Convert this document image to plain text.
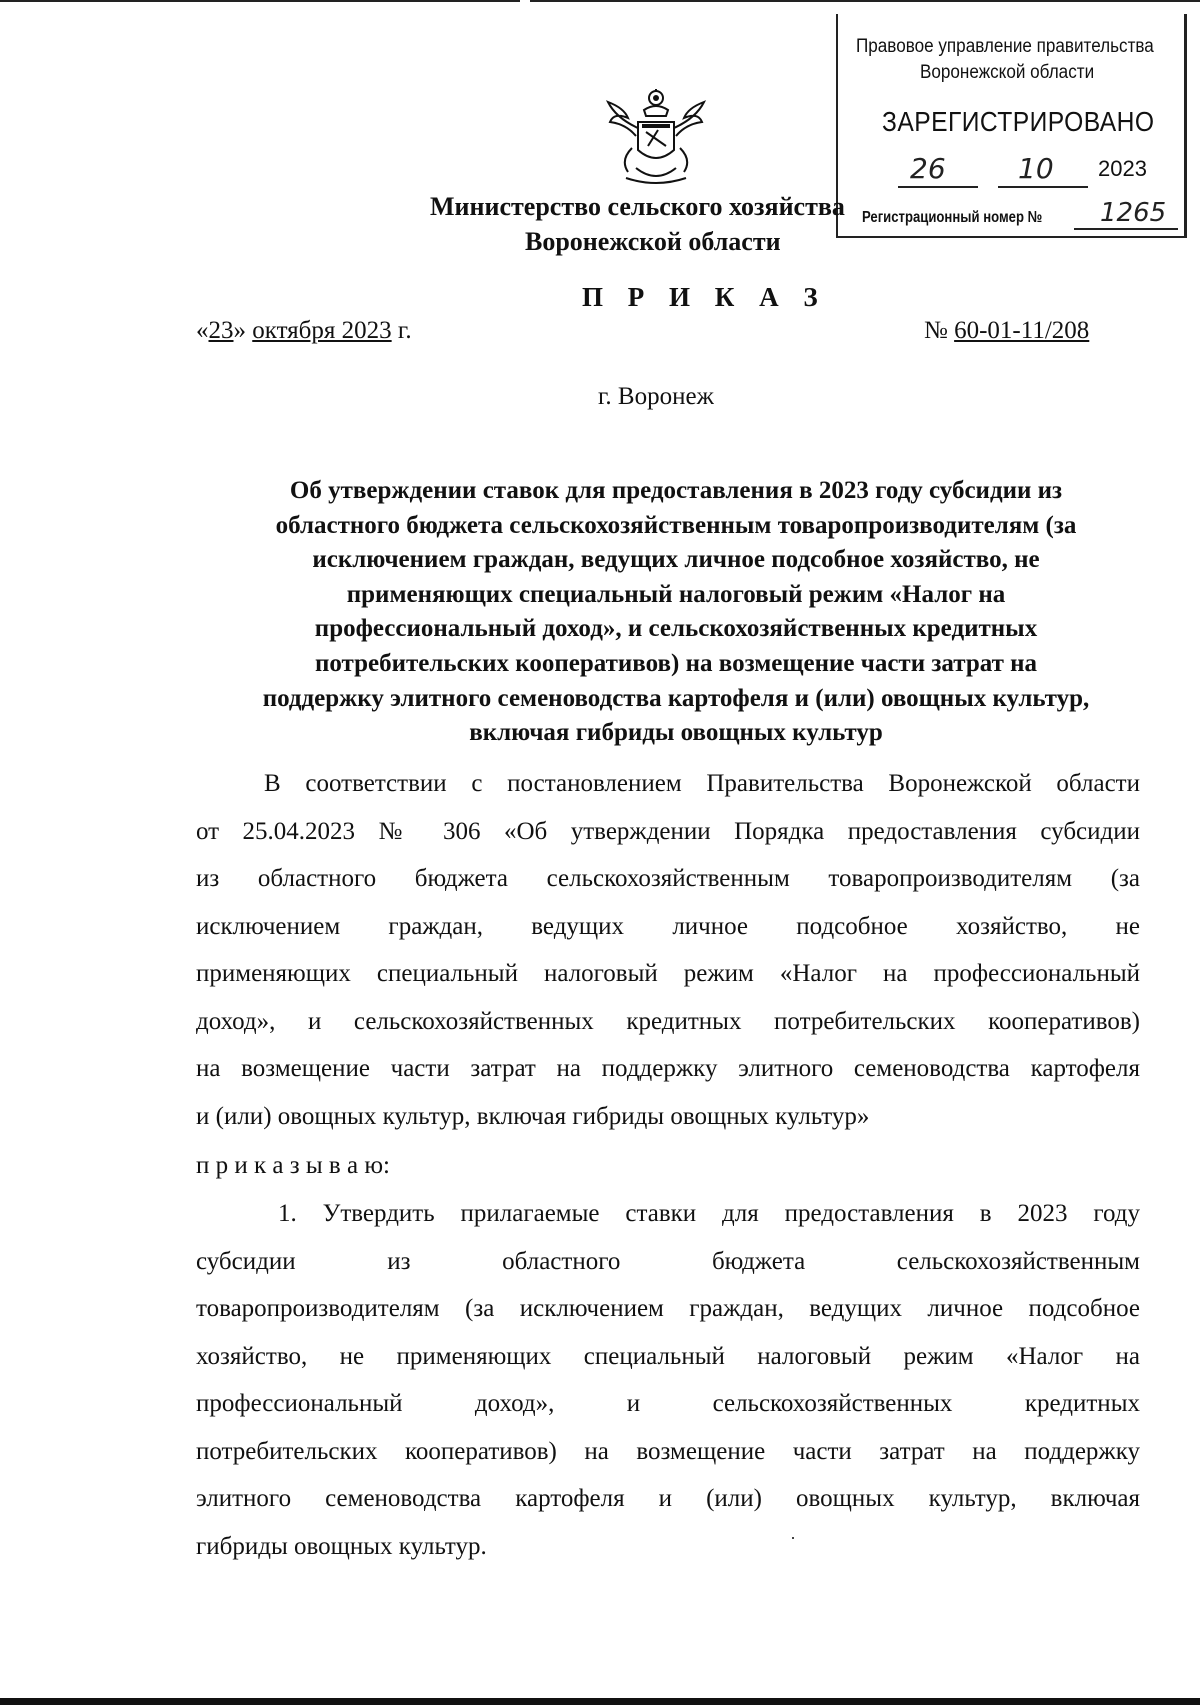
Правовое управление правительства
Воронежской области
ЗАРЕГИСТРИРОВАНО
26	10 2023
Регистрационный номер № 1265
Министерство сельского хозяйства
Воронежской области
П Р И К А З
«23» октября 2023 г.	№ 60-01-11/208
г. Воронеж
Об утверждении ставок для предоставления в 2023 году субсидии из
областного бюджета сельскохозяйственным товаропроизводителям (за
исключением граждан, ведущих личное подсобное хозяйство, не
применяющих специальный налоговый режим «Налог на
профессиональный доход», и сельскохозяйственных кредитных
потребительских кооперативов) на возмещение части затрат на
поддержку элитного семеноводства картофеля и (или) овощных культур,
включая гибриды овощных культур
В соответствии с постановлением Правительства Воронежской области
от 25.04.2023 № 306 «Об утверждении Порядка предоставления субсидии
из областного бюджета сельскохозяйственным товаропроизводителям (за
исключением граждан, ведущих личное подсобное хозяйство, не
применяющих специальный налоговый режим «Налог на профессиональный
доход», и сельскохозяйственных кредитных потребительских кооперативов)
на возмещение части затрат на поддержку элитного семеноводства картофеля
и (или) овощных культур, включая гибриды овощных культур»
п р и к а з ы в а ю:
1. Утвердить прилагаемые ставки для предоставления в 2023 году
субсидии из областного бюджета сельскохозяйственным
товаропроизводителям (за исключением граждан, ведущих личное подсобное
хозяйство, не применяющих специальный налоговый режим «Налог на
профессиональный доход», и сельскохозяйственных кредитных
потребительских кооперативов) на возмещение части затрат на поддержку
элитного семеноводства картофеля и (или) овощных культур, включая
гибриды овощных культур.
